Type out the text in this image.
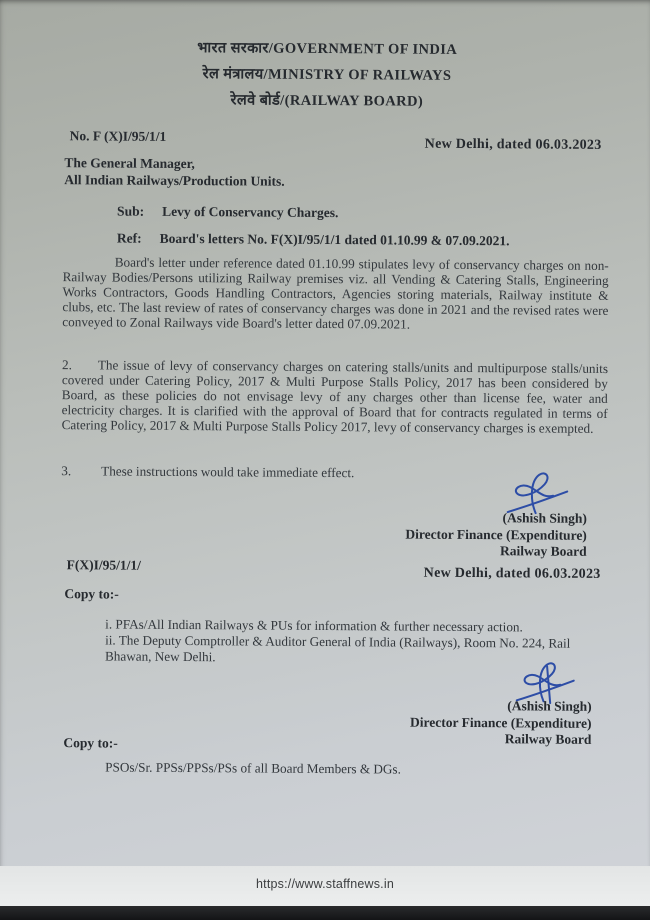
भारत सरकार/GOVERNMENT OF INDIA
रेल मंत्रालय/MINISTRY OF RAILWAYS
रेलवे बोर्ड/(RAILWAY BOARD)
No. F (X)I/95/1/1
New Delhi, dated 06.03.2023
The General Manager,
All Indian Railways/Production Units.
Sub: Levy of Conservancy Charges.
Ref: Board's letters No. F(X)I/95/1/1 dated 01.10.99 & 07.09.2021.
Board's letter under reference dated 01.10.99 stipulates levy of conservancy charges on non-Railway Bodies/Persons utilizing Railway premises viz. all Vending & Catering Stalls, Engineering Works Contractors, Goods Handling Contractors, Agencies storing materials, Railway institute & clubs, etc. The last review of rates of conservancy charges was done in 2021 and the revised rates were conveyed to Zonal Railways vide Board's letter dated 07.09.2021.
2. The issue of levy of conservancy charges on catering stalls/units and multipurpose stalls/units covered under Catering Policy, 2017 & Multi Purpose Stalls Policy, 2017 has been considered by Board, as these policies do not envisage levy of any charges other than license fee, water and electricity charges. It is clarified with the approval of Board that for contracts regulated in terms of Catering Policy, 2017 & Multi Purpose Stalls Policy 2017, levy of conservancy charges is exempted.
3. These instructions would take immediate effect.
(Ashish Singh)
Director Finance (Expenditure)
Railway Board
F(X)I/95/1/1/
New Delhi, dated 06.03.2023
Copy to:-
i. PFAs/All Indian Railways & PUs for information & further necessary action.
ii. The Deputy Comptroller & Auditor General of India (Railways), Room No. 224, Rail Bhawan, New Delhi.
(Ashish Singh)
Director Finance (Expenditure)
Railway Board
Copy to:-
PSOs/Sr. PPSs/PPSs/PSs of all Board Members & DGs.
https://www.staffnews.in
